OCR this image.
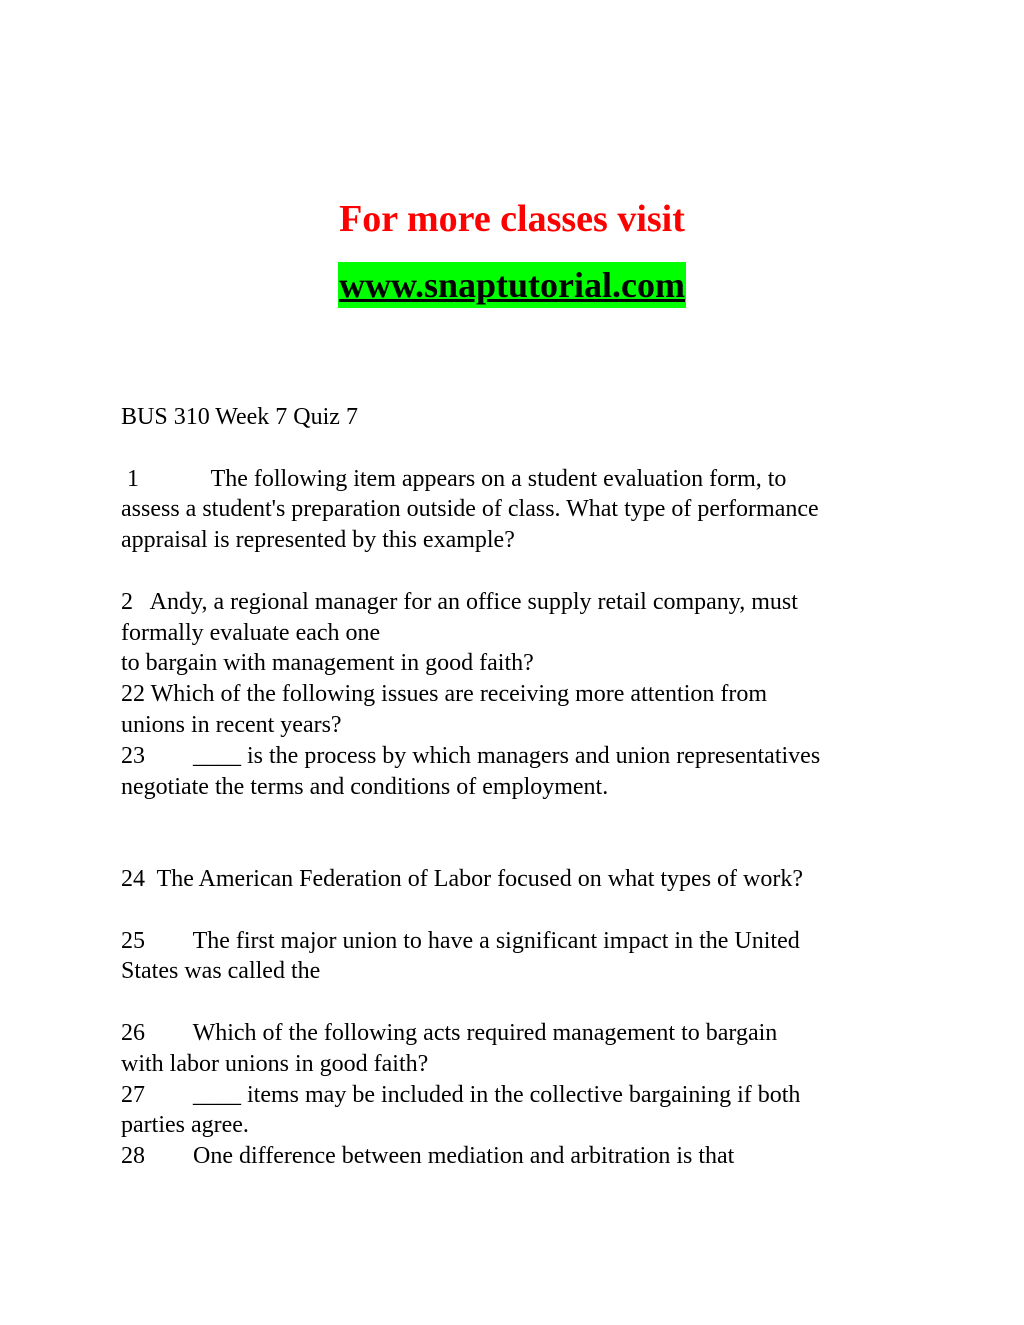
For more classes visit

www.snaptutorial.com

BUS 310 Week 7 Quiz 7

1	The following item appears on a student evaluation form, to

assess a student's preparation outside of class. What type of performance

appraisal is represented by this example?

2   Andy, a regional manager for an office supply retail company, must

formally evaluate each one

to bargain with management in good faith?

22 Which of the following issues are receiving more attention from

unions in recent years?

23        ____ is the process by which managers and union representatives

negotiate the terms and conditions of employment.

24  The American Federation of Labor focused on what types of work?

25        The first major union to have a significant impact in the United

States was called the

26        Which of the following acts required management to bargain

with labor unions in good faith?

27        ____ items may be included in the collective bargaining if both

parties agree.

28        One difference between mediation and arbitration is that
